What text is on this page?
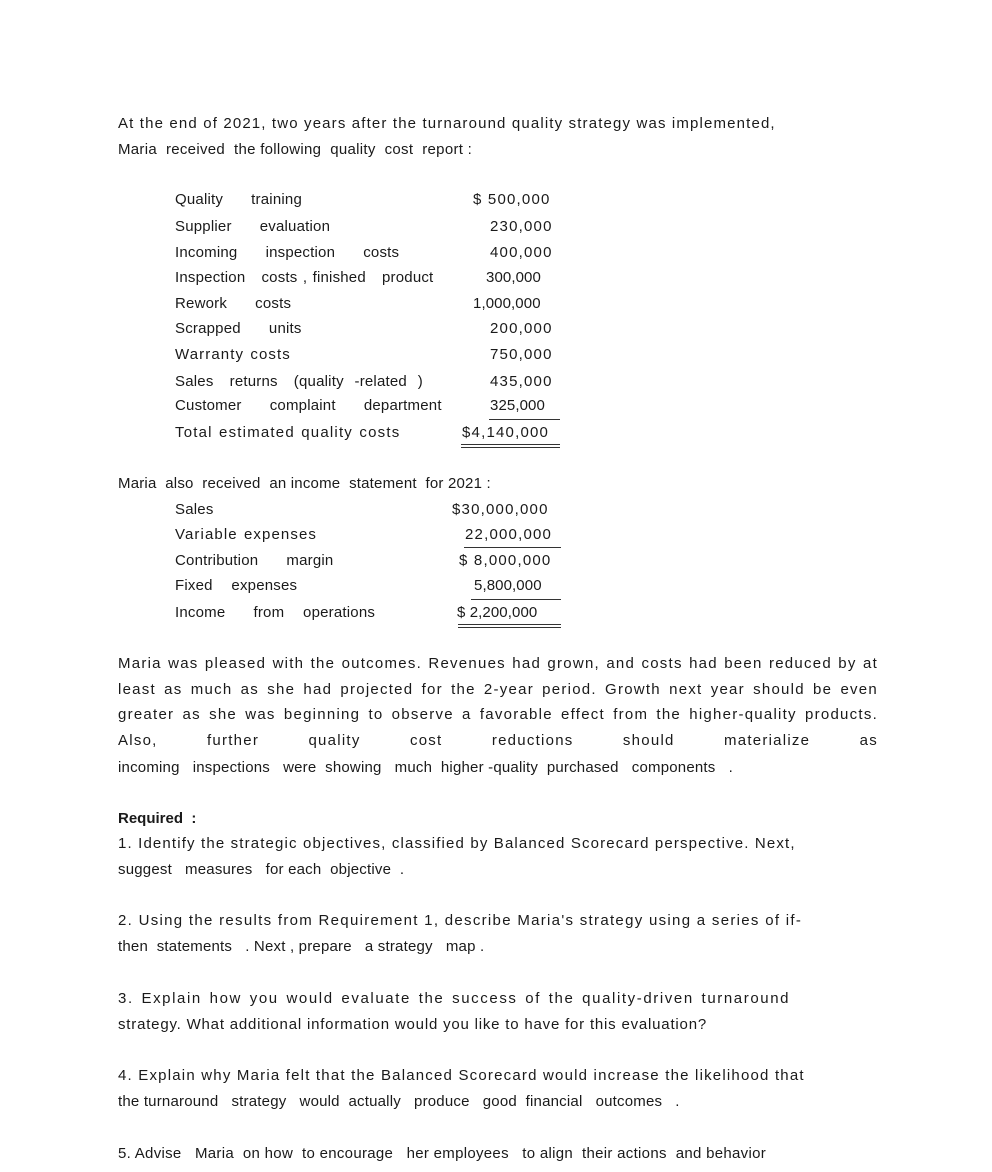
At the end of 2021, two years after the turnaround quality strategy was implemented,
Maria  received  the following  quality  cost  report :
Quality   training	$ 500,000
Supplier   evaluation	230,000
Incoming   inspection   costs	400,000
Inspection   costs , finished   product	300,000
Rework   costs	1,000,000
Scrapped   units	200,000
Warranty costs	750,000
Sales   returns   (quality  -related  )	435,000
Customer   complaint   department	325,000
Total estimated quality costs	$4,140,000
Maria  also  received  an income  statement  for 2021 :
Sales	$30,000,000
Variable expenses	22,000,000
Contribution   margin	$ 8,000,000
Fixed  expenses	5,800,000
Income   from  operations	$ 2,200,000
Maria was pleased with the outcomes. Revenues had grown, and costs had been reduced by at least as much as she had projected for the 2-year period. Growth next year should be even greater as she was beginning to observe a favorable effect from the higher-quality products. Also, further quality cost reductions should materialize as
incoming   inspections   were  showing   much  higher -quality  purchased   components   .
Required  :
1. Identify the strategic objectives, classified by Balanced Scorecard perspective. Next,
suggest   measures   for each  objective  .
2. Using the results from Requirement 1, describe Maria's strategy using a series of if-
then  statements   . Next , prepare   a strategy   map .
3. Explain how you would evaluate the success of the quality-driven turnaround
strategy. What additional information would you like to have for this evaluation?
4. Explain why Maria felt that the Balanced Scorecard would increase the likelihood that
the turnaround   strategy   would  actually   produce   good  financial   outcomes   .
5. Advise   Maria  on how  to encourage   her employees   to align  their actions  and behavior
